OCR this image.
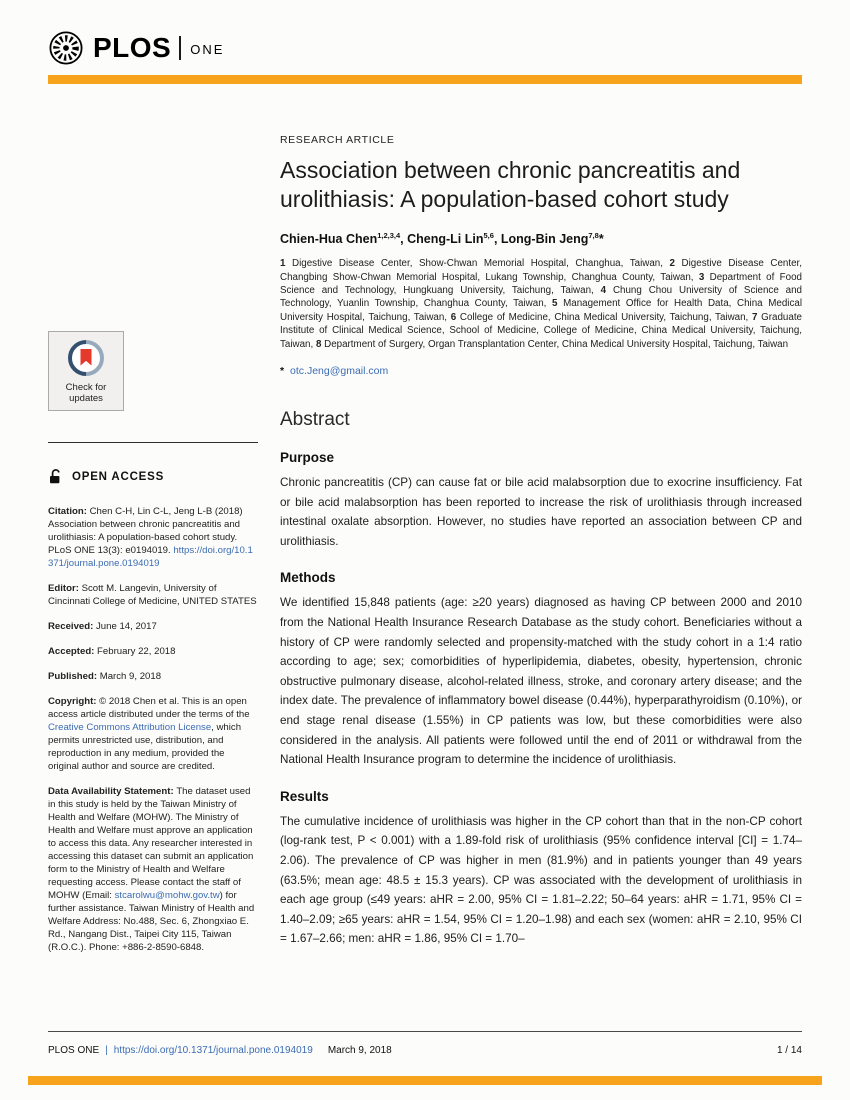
PLOS ONE
Check for
updates
OPEN ACCESS

Citation: Chen C-H, Lin C-L, Jeng L-B (2018) Association between chronic pancreatitis and urolithiasis: A population-based cohort study. PLoS ONE 13(3): e0194019. https://doi.org/10.1371/journal.pone.0194019

Editor: Scott M. Langevin, University of Cincinnati College of Medicine, UNITED STATES

Received: June 14, 2017

Accepted: February 22, 2018

Published: March 9, 2018

Copyright: © 2018 Chen et al. This is an open access article distributed under the terms of the Creative Commons Attribution License, which permits unrestricted use, distribution, and reproduction in any medium, provided the original author and source are credited.

Data Availability Statement: The dataset used in this study is held by the Taiwan Ministry of Health and Welfare (MOHW). The Ministry of Health and Welfare must approve an application to access this data. Any researcher interested in accessing this dataset can submit an application form to the Ministry of Health and Welfare requesting access. Please contact the staff of MOHW (Email: stcarolwu@mohw.gov.tw) for further assistance. Taiwan Ministry of Health and Welfare Address: No.488, Sec. 6, Zhongxiao E. Rd., Nangang Dist., Taipei City 115, Taiwan (R.O.C.). Phone: +886-2-8590-6848.

RESEARCH ARTICLE
Association between chronic pancreatitis and urolithiasis: A population-based cohort study

Chien-Hua Chen$^{1,2,3,4}$, Cheng-Li Lin$^{5,6}$, Long-Bin Jeng$^{7,8}$*

1 Digestive Disease Center, Show-Chwan Memorial Hospital, Changhua, Taiwan, 2 Digestive Disease Center, Changbing Show-Chwan Memorial Hospital, Lukang Township, Changhua County, Taiwan, 3 Department of Food Science and Technology, Hungkuang University, Taichung, Taiwan, 4 Chung Chou University of Science and Technology, Yuanlin Township, Changhua County, Taiwan, 5 Management Office for Health Data, China Medical University Hospital, Taichung, Taiwan, 6 College of Medicine, China Medical University, Taichung, Taiwan, 7 Graduate Institute of Clinical Medical Science, School of Medicine, College of Medicine, China Medical University, Taichung, Taiwan, 8 Department of Surgery, Organ Transplantation Center, China Medical University Hospital, Taichung, Taiwan

* otc.Jeng@gmail.com

Abstract
Purpose

Chronic pancreatitis (CP) can cause fat or bile acid malabsorption due to exocrine insufficiency. Fat or bile acid malabsorption has been reported to increase the risk of urolithiasis through increased intestinal oxalate absorption. However, no studies have reported an association between CP and urolithiasis.

Methods

We identified 15,848 patients (age: ≥20 years) diagnosed as having CP between 2000 and 2010 from the National Health Insurance Research Database as the study cohort. Beneficiaries without a history of CP were randomly selected and propensity-matched with the study cohort in a 1:4 ratio according to age; sex; comorbidities of hyperlipidemia, diabetes, obesity, hypertension, chronic obstructive pulmonary disease, alcohol-related illness, stroke, and coronary artery disease; and the index date. The prevalence of inflammatory bowel disease (0.44%), hyperparathyroidism (0.10%), or end stage renal disease (1.55%) in CP patients was low, but these comorbidities were also considered in the analysis. All patients were followed until the end of 2011 or withdrawal from the National Health Insurance program to determine the incidence of urolithiasis.

Results

The cumulative incidence of urolithiasis was higher in the CP cohort than that in the non-CP cohort (log-rank test, P < 0.001) with a 1.89-fold risk of urolithiasis (95% confidence interval [CI] = 1.74–2.06). The prevalence of CP was higher in men (81.9%) and in patients younger than 49 years (63.5%; mean age: 48.5 ± 15.3 years). CP was associated with the development of urolithiasis in each age group (≤49 years: aHR = 2.00, 95% CI = 1.81–2.22; 50–64 years: aHR = 1.71, 95% CI = 1.40–2.09; ≥65 years: aHR = 1.54, 95% CI = 1.20–1.98) and each sex (women: aHR = 2.10, 95% CI = 1.67–2.66; men: aHR = 1.86, 95% CI = 1.70–

PLOS ONE | https://doi.org/10.1371/journal.pone.0194019 March 9, 2018	1 / 14
